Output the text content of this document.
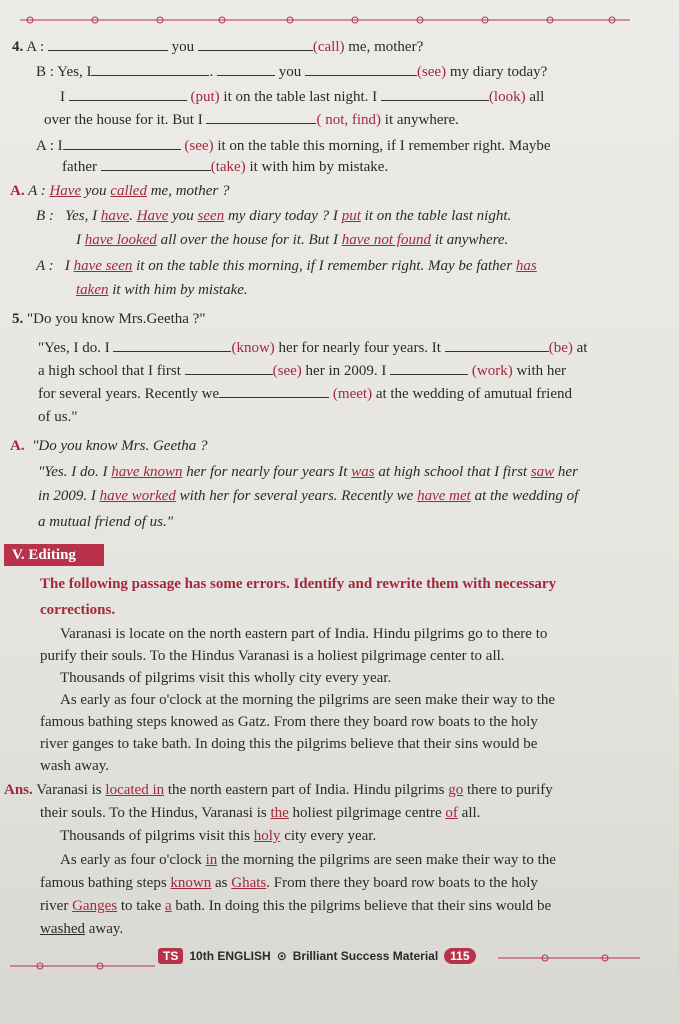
4. A :	you	(call) me, mother?
B : Yes, I	.	you	(see) my diary today?
I	(put) it on the table last night. I	(look) all
over the house for it. But I	( not, find) it anywhere.
A : I	(see) it on the table this morning, if I remember right. Maybe
father	(take) it with him by mistake.
A. A : Have you called me, mother ?
B : Yes, I have. Have you seen my diary today ? I put it on the table last night.
I have looked all over the house for it. But I have not found it anywhere.
A : I have seen it on the table this morning, if I remember right. May be father has
taken it with him by mistake.
5. "Do you know Mrs.Geetha ?"
"Yes, I do. I	(know) her for nearly four years. It	(be) at
a high school that I first	(see) her in 2009. I	(work) with her
for several years. Recently we	(meet) at the wedding of amutual friend
of us."
A. "Do you know Mrs. Geetha ?
"Yes. I do. I have known her for nearly four years It was at high school that I first saw her
in 2009. I have worked with her for several years. Recently we have met at the wedding of
a mutual friend of us."
V. Editing
The following passage has some errors. Identify and rewrite them with necessary
corrections.
Varanasi is locate on the north eastern part of India. Hindu pilgrims go to there to
purify their souls. To the Hindus Varanasi is a holiest pilgrimage center to all.
Thousands of pilgrims visit this wholly city every year.
As early as four o'clock at the morning the pilgrims are seen make their way to the
famous bathing steps knowed as Gatz. From there they board row boats to the holy
river ganges to take bath. In doing this the pilgrims believe that their sins would be
wash away.
Ans. Varanasi is located in the north eastern part of India. Hindu pilgrims go there to purify
their souls. To the Hindus, Varanasi is the holiest pilgrimage centre of all.
Thousands of pilgrims visit this holy city every year.
As early as four o'clock in the morning the pilgrims are seen make their way to the
famous bathing steps known as Ghats. From there they board row boats to the holy
river Ganges to take a bath. In doing this the pilgrims believe that their sins would be
washed away.
TS 10th ENGLISH ⊙ Brilliant Success Material	115
